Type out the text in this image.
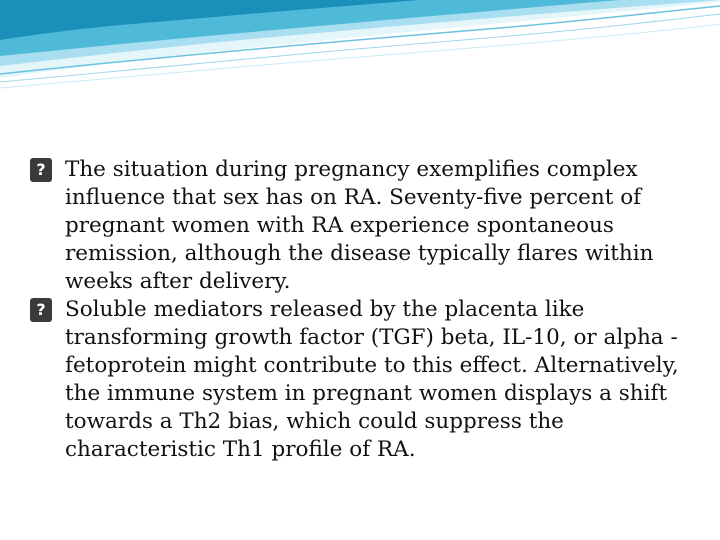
? The situation during pregnancy exemplifies complex influence that sex has on RA. Seventy-five percent of pregnant women with RA experience spontaneous remission, although the disease typically flares within weeks after delivery.

? Soluble mediators released by the placenta like transforming growth factor (TGF) beta, IL-10, or alpha -fetoprotein might contribute to this effect. Alternatively, the immune system in pregnant women displays a shift towards a Th2 bias, which could suppress the characteristic Th1 profile of RA.
